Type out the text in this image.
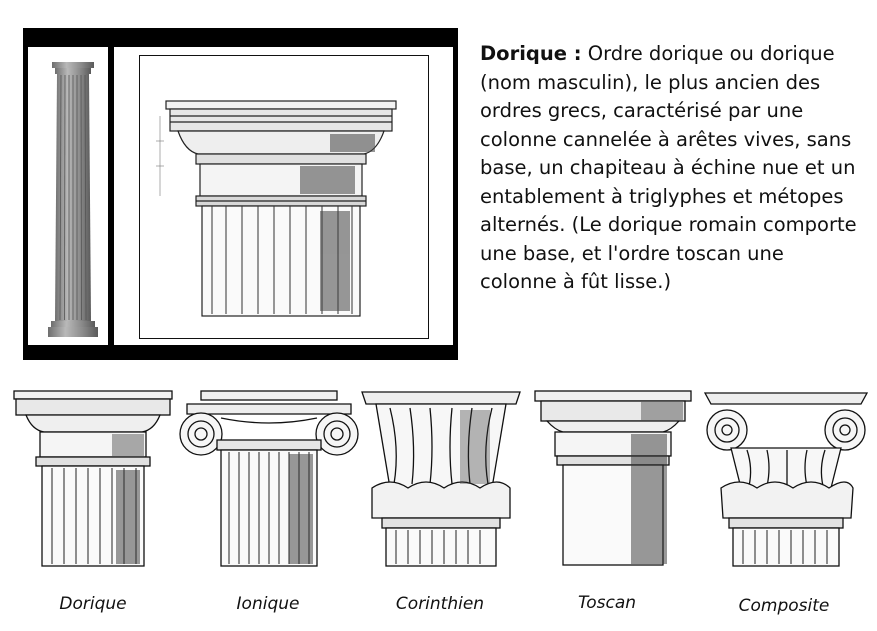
Dorique : Ordre dorique ou dorique (nom masculin), le plus ancien des ordres grecs, caractérisé par une colonne cannelée à arêtes vives, sans base, un chapiteau à échine nue et un entablement à triglyphes et métopes alternés. (Le dorique romain comporte une base, et l'ordre toscan une colonne à fût lisse.)
Dorique	Ionique	Corinthien	Toscan	Composite
